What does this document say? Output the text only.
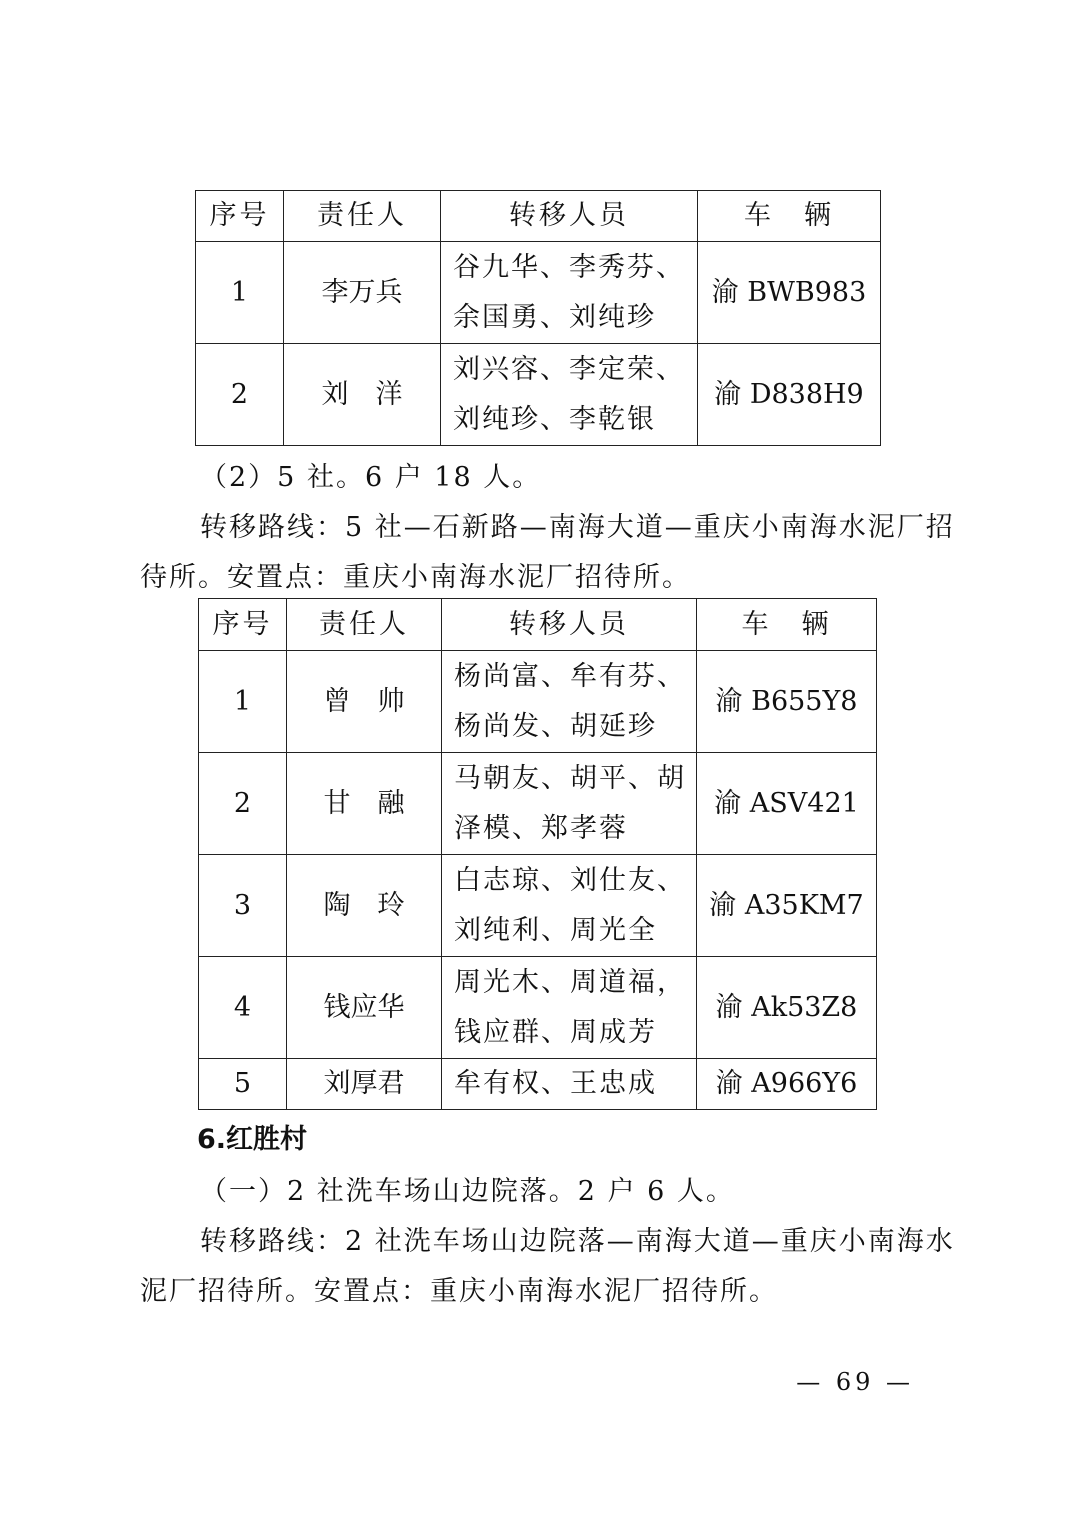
序号	责任人	转移人员	车　辆
1	李万兵	谷九华、李秀芬、
余国勇、刘纯珍	渝 BWB983
2	刘　洋	刘兴容、李定荣、
刘纯珍、李乾银	渝 D838H9

（2）5 社。6 户 18 人。

转移路线：5 社—石新路—南海大道—重庆小南海水泥厂招

待所。安置点：重庆小南海水泥厂招待所。

序号	责任人	转移人员	车　辆
1	曾　帅	杨尚富、牟有芬、
杨尚发、胡延珍	渝 B655Y8
2	甘　融	马朝友、胡平、胡
泽模、郑孝蓉	渝 ASV421
3	陶　玲	白志琼、刘仕友、
刘纯利、周光全	渝 A35KM7
4	钱应华	周光木、周道福，
钱应群、周成芳	渝 Ak53Z8
5	刘厚君	牟有权、王忠成	渝 A966Y6

6.红胜村

（一）2 社洗车场山边院落。2 户 6 人。

转移路线：2 社洗车场山边院落—南海大道—重庆小南海水

泥厂招待所。安置点：重庆小南海水泥厂招待所。

— 69 —
